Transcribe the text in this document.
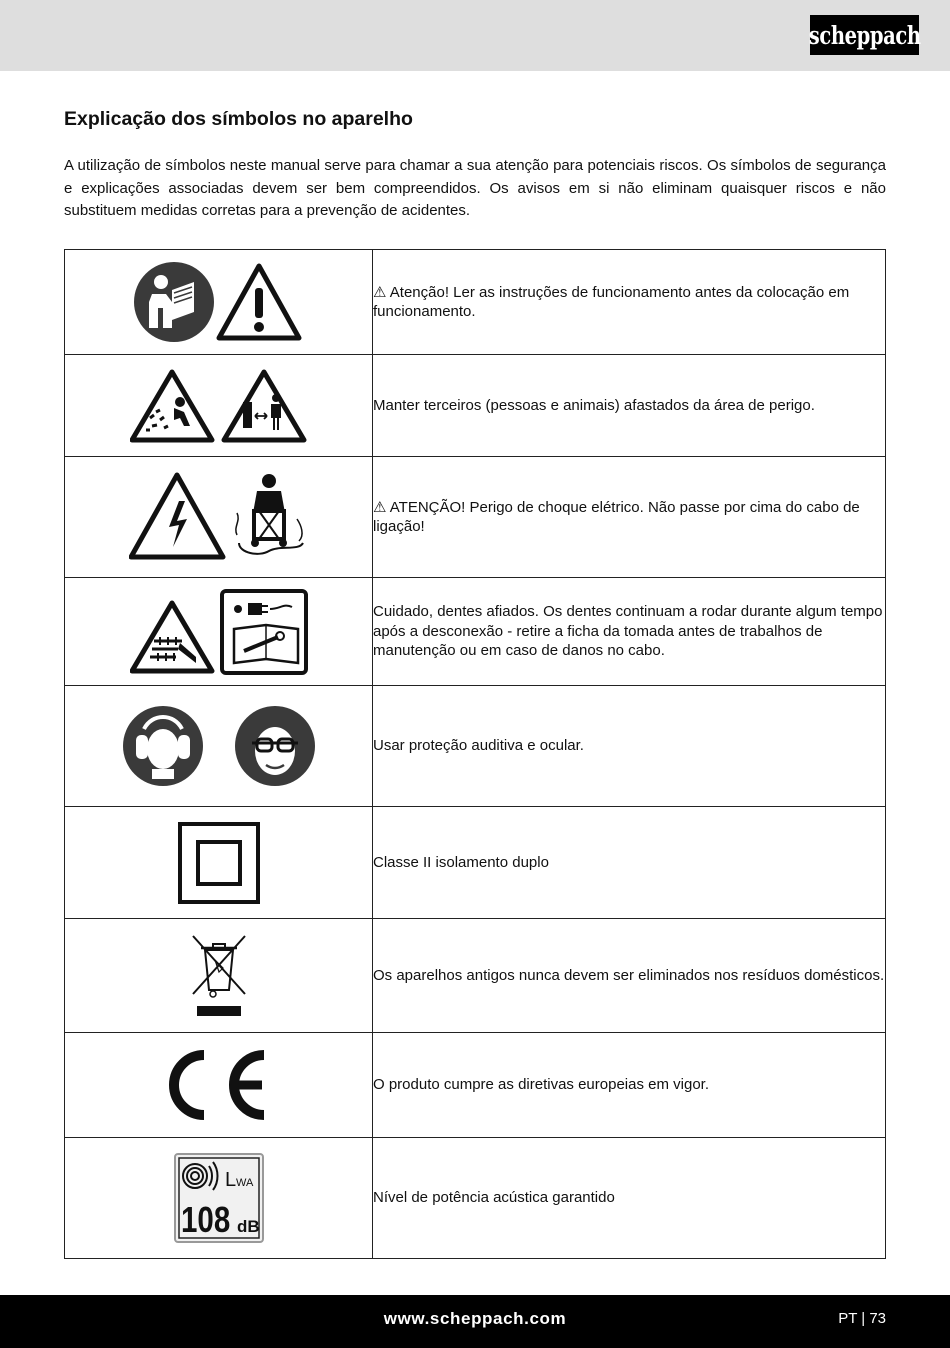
scheppach
Explicação dos símbolos no aparelho

A utilização de símbolos neste manual serve para chamar a sua atenção para potenciais riscos. Os símbolos de segurança e explicações associadas devem ser bem compreendidos. Os avisos em si não eliminam quaisquer riscos e não substituem medidas corretas para a prevenção de acidentes.

	⚠ Atenção! Ler as instruções de funcionamento antes da colocação em funcionamento.

	Manter terceiros (pessoas e animais) afastados da área de perigo.

	⚠ ATENÇÃO! Perigo de choque elétrico. Não passe por cima do cabo de ligação!

	Cuidado, dentes afiados. Os dentes continuam a rodar durante algum tempo após a desconexão - retire a ficha da tomada antes de trabalhos de manutenção ou em caso de danos no cabo.

	Usar proteção auditiva e ocular.

	Classe II isolamento duplo

	Os aparelhos antigos nunca devem ser eliminados nos resíduos domésticos.

	O produto cumpre as diretivas europeias em vigor.

L WA
108 dB	Nível de potência acústica garantido
www.scheppach.com	PT | 73
